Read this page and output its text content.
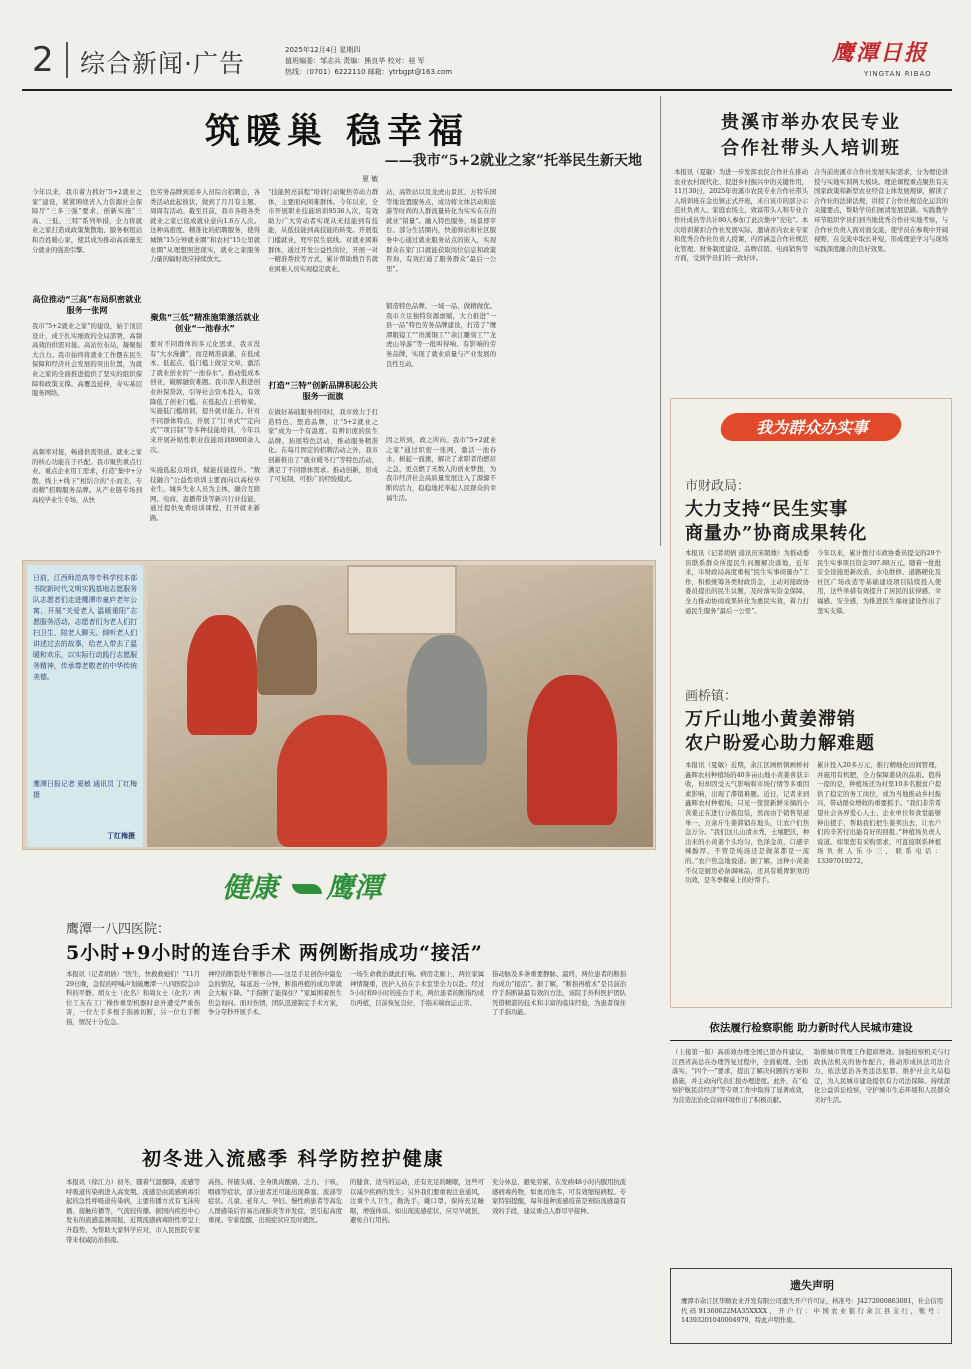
2 综合新闻·广告	2025年12月4日 星期四
值班编委：邹志兵 责编：熊良华 校对：桂 军
热线：（0701）6222110 邮箱：ytrbgpt@163.com
鹰潭日报
YINGTAN RIBAO
筑暖巢 稳幸福
——我市“5+2就业之家”托举民生新天地
夏 敏
今年以来，我市着力抓好“5+2就业之家”建设，紧紧围绕省人力资源社会保障厅“三多三强”要求，创新实施“三高、三低、三特”系列举措，全力将就业之家打造成政策集散地、服务枢纽站和百姓暖心家，使其成为推动高质量充分就业的强劲引擎。
高位推动“三高”布局织密就业服务一张网
我市“5+2就业之家”的建设，始于顶层设计，成于扎实细致的全局部署，高频高效的供需对接。高站位布局，凝聚强大合力。我市始终将就业工作摆在民生保障和经济社会发展的突出位置，为就业之家的全面推进提供了坚实的组织保障和政策支撑。高覆盖延伸，夯实基层服务网络。
高频率对接，畅通供需渠道。就业之家的核心功能在于匹配。我市聚焦重点行业、重点企业用工需求，打造“集中+分散、线上+线下”相结合的“小而美、专而精”招聘服务品牌。从产业链专场到高校毕业生专场，从快
色劳务品牌到返乡人员综合招聘会，各类活动此起彼伏，做到了月月有主题、周周有活动。截至目前，我市各级各类就业之家已促成就业意向1.6万人次。这种高密度、精准化的招聘服务，使得城镇“15分钟就业圈”和农村“15公里就业圈”从理想照进现实，就业之家服务力量的辐射效应持续放大。
聚焦“三低”精准施策激活就业创业“一池春水”
要对不同群体的多元化需求，我市没有“大水漫灌”，而是精准滴灌，在低成本、低起点、低门槛上做足文章，激活了就业创业的“一池春水”。推动低成本创业，破解融资难题。我市深入推进创业担保贷款，引导社会资本投入，有效降低了创业门槛。在低起点上搭桥梁。实施低门槛培训，提升就业能力。针对不同群体特点，开展了“订单式”“定向式”“项目制”等多种技能培训，今年以来开展补贴性职业技能培训8900余人次。
实施低起点培训，赋能技能提升。“数技融合”公益性培训主要面向以高校毕业生、城乡失业人员为主体，融合互联网、电商、直播带货等新兴行业技能，通过提供免费培训课程，打开就业新路。
“技能照亮前程”培训行动聚焦劳动力群体，主要面向困难群体。今年以来，全市开展职业技能培训9536人次，有效助力广大劳动者实现从无技能到有技能，从低技能到高技能的转变。开展低门槛就业，兜牢民生底线。对就业困难群体，通过开发公益性岗位，开展一对一精准帮扶等方式，累计帮助数百名就业困难人员实现稳定就业。
打造“三特”创新品牌积起公共服务一面旗
在做好基础服务的同时，我市致力于打造特色、塑造品牌，让“5+2就业之家”成为一个有温度、有辨识度的民生品牌。拓展特色活动，推动服务精准化。在每月固定的招聘活动之外，我市创新推出了“就业暖冬行”等特色活动，满足了不同群体需求。推动创新，形成了可复制、可推广的经验模式。
站、高铁站以及龙虎山景区、万特乐园等地设置服务点，成功将文体活动和旅游等时尚的人群流量转化为实实在在的就业“留量”。融入特色服务，场景即平台。部分生活圈内，快递驿站和社区服务中心通过就业服务站点的嵌入，实现群众在家门口就能获取岗位信息和政策咨询，有效打通了服务群众“最后一公里”。
锻造特色品牌，一域一品、做精做优。我市立足独特资源禀赋，大力推进“一县一品”特色劳务品牌建设，打造了“鹰潭眼镜工”“贵溪铜工”“余江雕刻工”“龙虎山导游”等一批叫得响、有影响的劳务品牌，实现了就业质量与产业发展的良性互动。
因之所到，政之所向。我市“5+2就业之家”通过织密一张网、激活一池春水、树起一面旗，解决了求职者的燃眉之急，更点燃了无数人的创业梦想，为我市经济社会高质量发展注入了源源不断的活力，稳稳地托举起人民群众的幸福生活。
贵溪市举办农民专业
合作社带头人培训班
本报讯（夏敏）为进一步发挥农民合作社在推动农业农村现代化、促进乡村振兴中的关键作用，11月30日，2025年贵溪市农民专业合作社带头人培训班在金也镇正式开班，来自该市的部分示范社负责人、家庭农场主、致富带头人和专业合作社成员等共计80人参加了此次集中“充电”。本次培训紧扣合作社发展实际，邀请省内农业专家和优秀合作社负责人授课，内容涵盖合作社规范化管理、财务制度建设、品牌营销、电商销售等方面，受到学员们的一致好评。
合当前贵溪市合作社发展实际需求，分为理论讲授与实地实训两大板块。理论课程重点聚焦有关国家政策和新型农业经营主体发展规律，解读了合作社的法律法规，讲授了合作社规范化运营的关键要点，帮助学员们厘清发展思路。实践教学环节组织学员们到当地优秀合作社实地考察，与合作社负责人面对面交流，使学员在参观中开阔视野，在交流中取长补短，形成理论学习与现场实践深度融合的良好效果。
我为群众办实事
市财政局：
大力支持“民生实事
商量办”协商成果转化
本报讯（记者胡倩 通讯员宋超雄）为推动委员联系群众所提民生问题解决落地，近年来，市财政局高度重视“民生实事商量办”工作，积极统筹各类财政资金，主动对接政协委员提出的民生议题，及时落实资金保障，全力推动协商成果转化为惠民实效，着力打通民生服务“最后一公里”。
今年以来，累计拨付市政协委员提交的29个民生实事项目资金397.88万元。随着一批批安全设施更新改造、水电维修、道路硬化及社区广场改造等基础建设项目陆续投入使用，这些举措有效提升了居民的获得感、幸福感、安全感，为推进民生福祉建设作出了坚实支撑。
画桥镇：
万斤山地小黄姜滞销
农户盼爱心助力解难题
本报讯（夏敏）近期，余江区画桥镇画桥村鑫辉农村种植场的40多亩山地小黄姜喜获丰收，但却因受天气影响和市场行情等多重因素影响，出现了滞销难题。近日，记者来到鑫辉农村种植场，只见一筐筐新鲜采摘的小黄姜正在进行分拣包装，然而由于销售渠道单一，万余斤生姜滞销在地头，让农户们焦急万分。“我们这儿山清水秀，土壤肥沃，种出来的小黄姜个头均匀、色泽金黄，口感辛辣醇厚，不管是炖汤还是做菜都是一流的。”农户焦急地说道。据了解，这种小黄姜不仅是厨房必备调味品，还具有暖胃驱寒的功效，是冬季餐桌上的好帮手。
累计投入20多万元，推行精细化田间管理，并施用有机肥，全力保障姜块的品质。值得一提的是，种植场还为村里10多名脱贫户提供了稳定的务工岗位，成为当地推动乡村振兴、带动群众增收的重要抓手。“我们非常希望社会各界爱心人士、企业单位和食堂能够伸出援手，帮助我们把生姜卖出去，让农户们的辛苦付出能有好的回报。”种植场负责人说道。如果您有采购需求，可直接联系种植场负责人乐小三，联系电话：13397019272。
日前，江西师范高等专科学校本部书院新时代文明实践基地志愿服务队志愿者们走进鹰潭市童庐老年公寓，开展“关爱老人 温暖重阳”志愿服务活动。志愿者们为老人们打扫卫生、陪老人聊天、倾听老人们讲述过去的故事，给老人带去了温暖和欢乐，以实际行动践行志愿服务精神，传承尊老敬老的中华传统美德。
鹰潭日报记者 夏敏 通讯员 丁红梅 摄
丁红梅摄
健康 鹰潭
鹰潭一八四医院：
5小时+9小时的连台手术 两例断指成功“接活”
本报讯（记者胡倩）“医生，快救救她们！”11月29日晚，急促的呼喊声划破鹰潭一八四医院急诊科的平静。胡女士（化名）和周女士（化名）两位工友在工厂操作重型机器时意外遭受严重伤害，一位左手多根手指被切断，另一位右手断指，情况十分危急。
神经的断裂处不断修合——这是手足创伤中最危急的情况，每延迟一分钟，断指再植的成功率就会大幅下降。“手指断了能保住？”家属围着医生焦急询问。面对伤情，团队迅速制定手术方案，争分夺秒开展手术。
一场生命救治就此打响。病房走廊上，两位家属神情凝重，医护人员在手术室里全力以赴。经过5小时和9小时的连台手术，两位患者的断指均成功再植，目前恢复良好，手指末端血运正常。
指动脉及多条重要静脉、最终，两位患者的断指均成功“接活”。据了解，“断指再植术”是目前治疗手指断缺最有效的方法，该院手外科医护团队凭借精湛的技术和丰富的临床经验，为患者保住了手指功能。
初冬进入流感季 科学防控护健康
本报讯（徐江力）初冬，随着气温骤降，流感等呼吸道传染病进入高发期。流感是由流感病毒引起的急性呼吸道传染病，主要传播方式有飞沫传播、接触传播等，气流较传播。据国内疾控中心发布的流感监测周报，近期流感病毒阳性率呈上升趋势，为帮助大家科学应对，市人民医院专家带来权威防治指南。
高热、伴随头痛、全身肌肉酸痛、乏力、干咳、咽痛等症状，部分患者还可能出现鼻塞、流涕等症状。儿童、老年人、孕妇、慢性病患者等高危人群感染后容易出现肺炎等并发症，需引起高度重视。专家提醒，出现症状应及时就医。
的健食、适当的运动，还有充足的睡眠，这些可以减少疾病的发生；另外我们要重视注意通风，注重个人卫生，勤洗手，戴口罩，保持充足睡眠，增强体质。如出现流感症状，应尽早就医，避免自行用药。
充分休息，避免劳累，在发病48小时内服用抗流感病毒药物，如奥司他韦，可有效缩短病程。专家特别提醒，每年接种流感疫苗是预防流感最有效的手段，建议重点人群尽早接种。
依法履行检察职能 助力新时代人民城市建设
（上接第一版）高质效办理全国已第办件建议，江西省高总在办理答复过程中，全面梳理、全面落实，“四个一”要求，提出了解决问题的方案和措施，并主动向代表汇报办理进度。此外，在“检察护航民营经济”等专项工作中取得了显著成效，为营造法治化营商环境作出了积极贡献。
助推城市管理工作提质增效。加强检察机关与行政执法机关的协作配合，推动形成执法司法合力，依法惩治各类违法犯罪，维护社会大局稳定，为人民城市建设提供有力司法保障。持续深化公益诉讼检察，守护城市生态环境和人民群众美好生活。
遗失声明
鹰潭市余江区华顺农业开发有限公司遗失开户许可证，核准号：J4272000863001，社会信用代码91360622MA35XXXX，开户行：中国农业银行余江县支行，账号：14393201040004979，特此声明作废。
